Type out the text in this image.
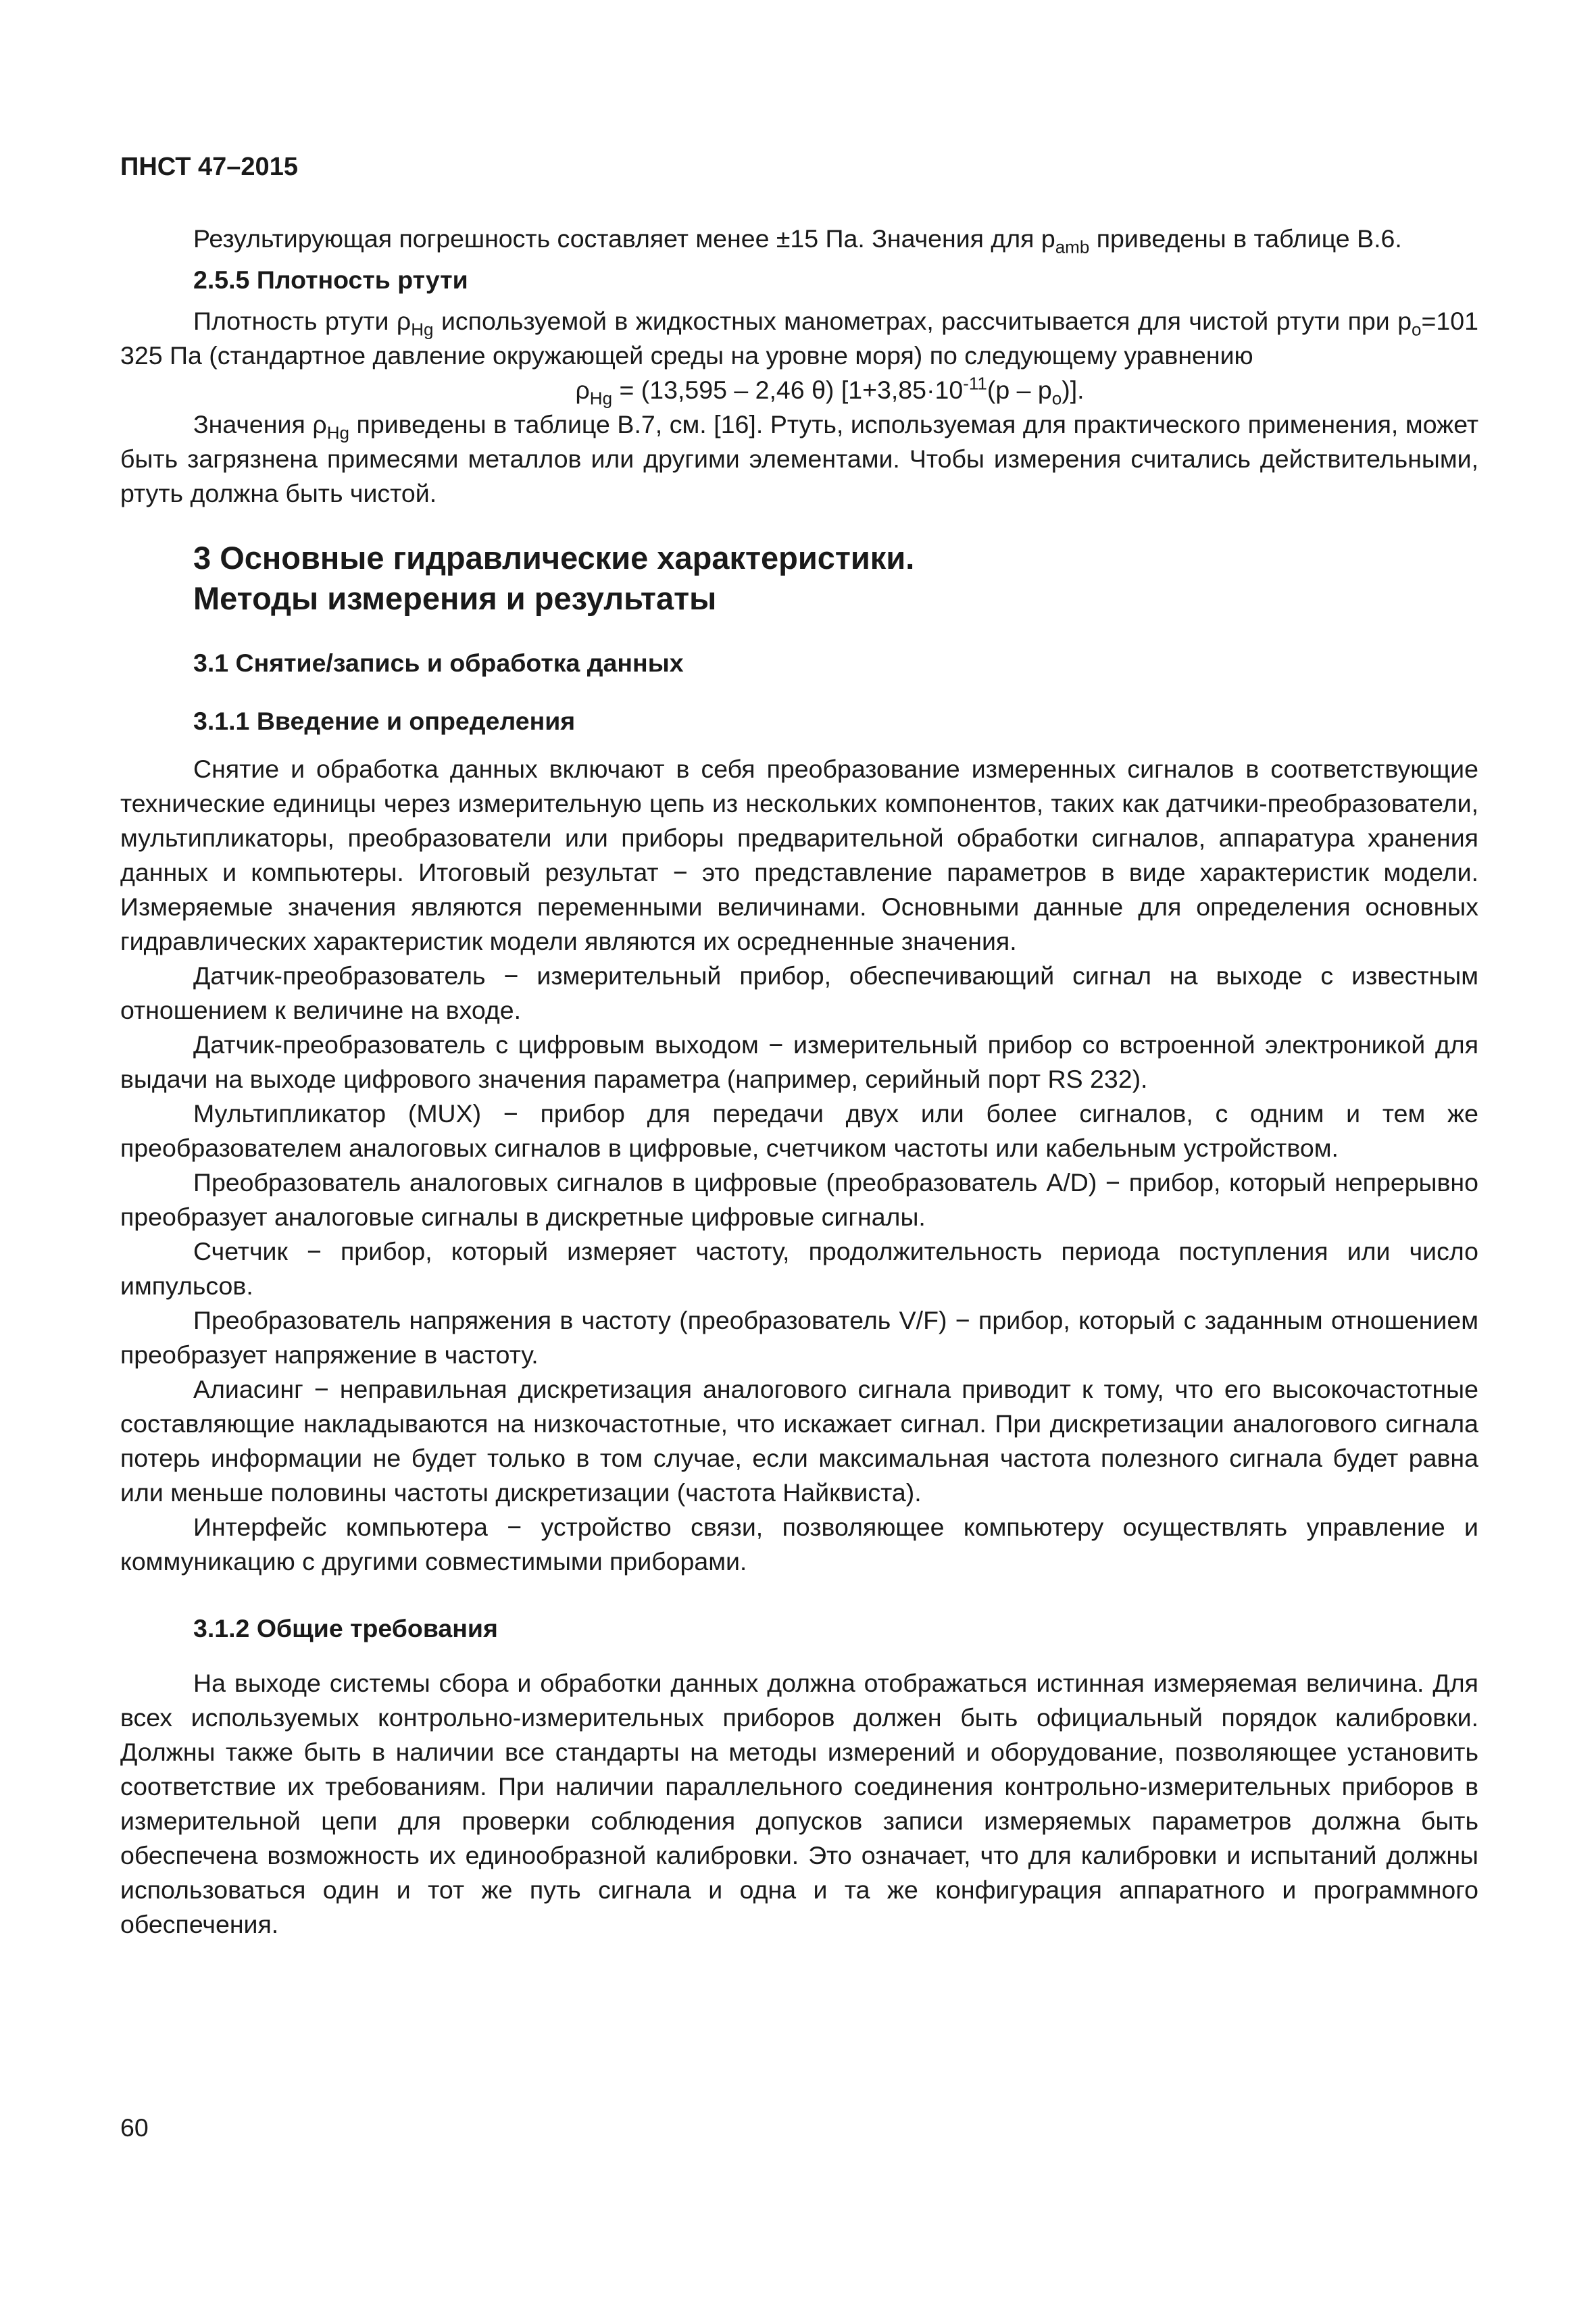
ПНСТ 47–2015

Результирующая погрешность составляет менее ±15 Па. Значения для $p_{amb}$ приведены в таблице В.6.

2.5.5 Плотность ртути

Плотность ртути $\rho_{Hg}$ используемой в жидкостных манометрах, рассчитывается для чистой ртути при $p_o=101$ 325 Па (стандартное давление окружающей среды на уровне моря) по следующему уравнению

$\rho_{Hg} = (13,595 - 2,46$ θ) $[1+3,85\cdot 10^{-11}(p - p_o)]$.

Значения $\rho_{Hg}$ приведены в таблице В.7, см. [16]. Ртуть, используемая для практического применения, может быть загрязнена примесями металлов или другими элементами. Чтобы измерения считались действительными, ртуть должна быть чистой.

3 Основные гидравлические характеристики.
Методы измерения и результаты
3.1 Снятие/запись и обработка данных
3.1.1 Введение и определения

Снятие и обработка данных включают в себя преобразование измеренных сигналов в соответствующие технические единицы через измерительную цепь из нескольких компонентов, таких как датчики-преобразователи, мультипликаторы, преобразователи или приборы предварительной обработки сигналов, аппаратура хранения данных и компьютеры. Итоговый результат − это представление параметров в виде характеристик модели. Измеряемые значения являются переменными величинами. Основными данные для определения основных гидравлических характеристик модели являются их осредненные значения.

Датчик-преобразователь − измерительный прибор, обеспечивающий сигнал на выходе с известным отношением к величине на входе.

Датчик-преобразователь с цифровым выходом − измерительный прибор со встроенной электроникой для выдачи на выходе цифрового значения параметра (например, серийный порт RS 232).

Мультипликатор (MUX) − прибор для передачи двух или более сигналов, с одним и тем же преобразователем аналоговых сигналов в цифровые, счетчиком частоты или кабельным устройством.

Преобразователь аналоговых сигналов в цифровые (преобразователь A/D) − прибор, который непрерывно преобразует аналоговые сигналы в дискретные цифровые сигналы.

Счетчик − прибор, который измеряет частоту, продолжительность периода поступления или число импульсов.

Преобразователь напряжения в частоту (преобразователь V/F) − прибор, который с заданным отношением преобразует напряжение в частоту.

Алиасинг − неправильная дискретизация аналогового сигнала приводит к тому, что его высокочастотные составляющие накладываются на низкочастотные, что искажает сигнал. При дискретизации аналогового сигнала потерь информации не будет только в том случае, если максимальная частота полезного сигнала будет равна или меньше половины частоты дискретизации (частота Найквиста).

Интерфейс компьютера − устройство связи, позволяющее компьютеру осуществлять управление и коммуникацию с другими совместимыми приборами.

3.1.2 Общие требования

На выходе системы сбора и обработки данных должна отображаться истинная измеряемая величина. Для всех используемых контрольно-измерительных приборов должен быть официальный порядок калибровки. Должны также быть в наличии все стандарты на методы измерений и оборудование, позволяющее установить соответствие их требованиям. При наличии параллельного соединения контрольно-измерительных приборов в измерительной цепи для проверки соблюдения допусков записи измеряемых параметров должна быть обеспечена возможность их единообразной калибровки. Это означает, что для калибровки и испытаний должны использоваться один и тот же путь сигнала и одна и та же конфигурация аппаратного и программного обеспечения.

60
